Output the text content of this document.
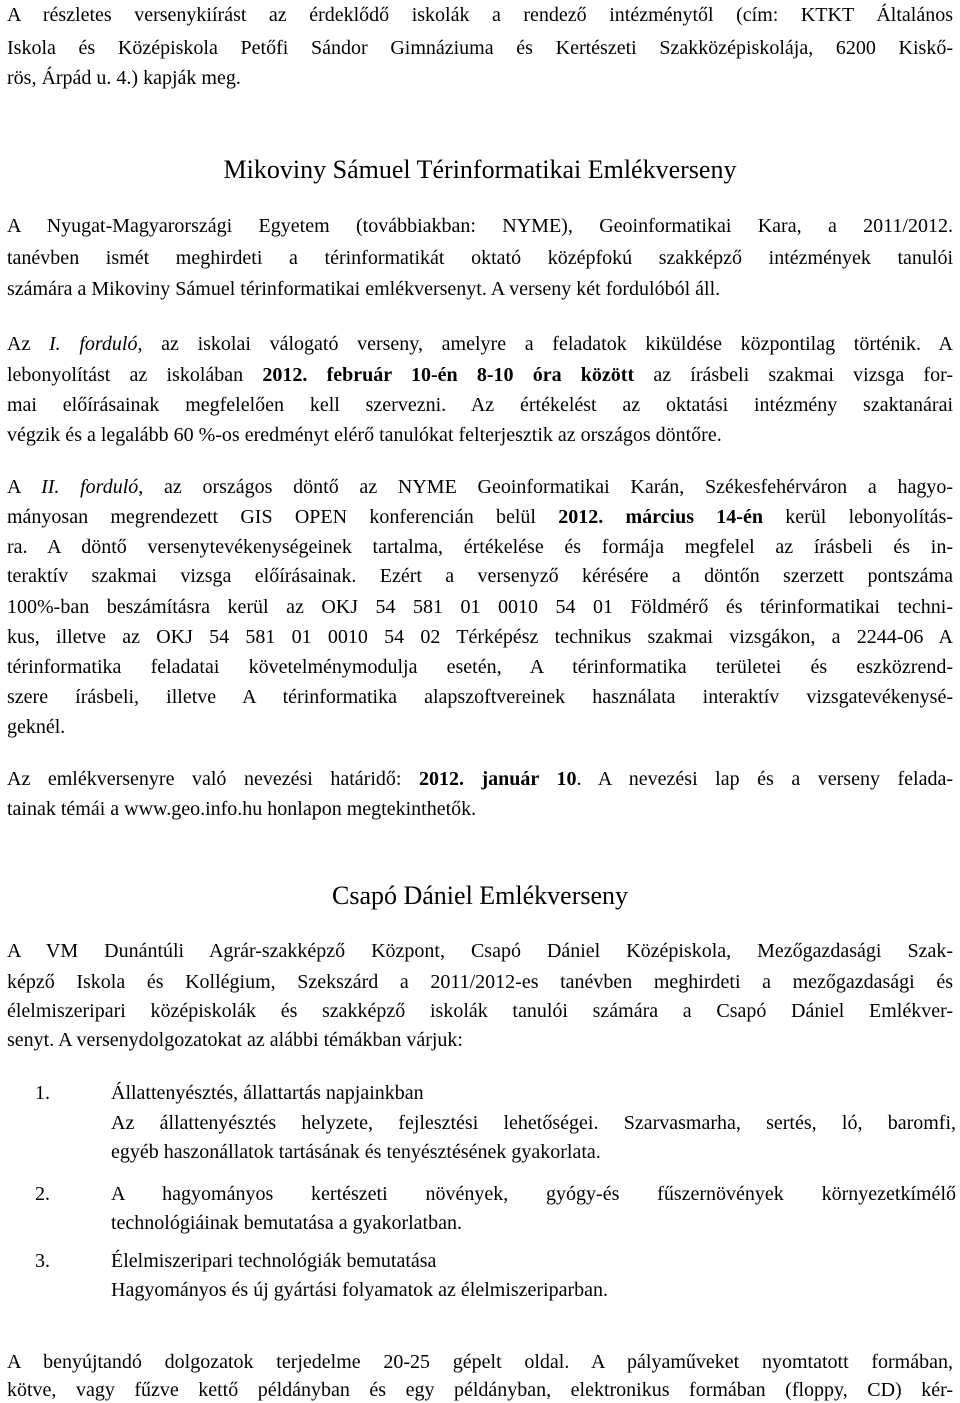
A részletes versenykiírást az érdeklődő iskolák a rendező intézménytől (cím: KTKT Általános
Iskola és Középiskola Petőfi Sándor Gimnáziuma és Kertészeti Szakközépiskolája, 6200 Kiskő-
rös, Árpád u. 4.) kapják meg.
Mikoviny Sámuel Térinformatikai Emlékverseny
A Nyugat-Magyarországi Egyetem (továbbiakban: NYME), Geoinformatikai Kara, a 2011/2012.
tanévben ismét meghirdeti a térinformatikát oktató középfokú szakképző intézmények tanulói
számára a Mikoviny Sámuel térinformatikai emlékversenyt. A verseny két fordulóból áll.
Az I. forduló, az iskolai válogató verseny, amelyre a feladatok kiküldése központilag történik. A
lebonyolítást az iskolában 2012. február 10-én 8-10 óra között az írásbeli szakmai vizsga for-
mai előírásainak megfelelően kell szervezni. Az értékelést az oktatási intézmény szaktanárai
végzik és a legalább 60 %-os eredményt elérő tanulókat felterjesztik az országos döntőre.
A II. forduló, az országos döntő az NYME Geoinformatikai Karán, Székesfehérváron a hagyo-
mányosan megrendezett GIS OPEN konferencián belül 2012. március 14-én kerül lebonyolítás-
ra. A döntő versenytevékenységeinek tartalma, értékelése és formája megfelel az írásbeli és in-
teraktív szakmai vizsga előírásainak. Ezért a versenyző kérésére a döntőn szerzett pontszáma
100%-ban beszámításra kerül az OKJ 54 581 01 0010 54 01 Földmérő és térinformatikai techni-
kus, illetve az OKJ 54 581 01 0010 54 02 Térképész technikus szakmai vizsgákon, a 2244-06 A
térinformatika feladatai követelménymodulja esetén, A térinformatika területei és eszközrend-
szere írásbeli, illetve A térinformatika alapszoftvereinek használata interaktív vizsgatevékenysé-
geknél.
Az emlékversenyre való nevezési határidő: 2012. január 10. A nevezési lap és a verseny felada-
tainak témái a www.geo.info.hu honlapon megtekinthetők.
Csapó Dániel Emlékverseny
A VM Dunántúli Agrár-szakképző Központ, Csapó Dániel Középiskola, Mezőgazdasági Szak-
képző Iskola és Kollégium, Szekszárd a 2011/2012-es tanévben meghirdeti a mezőgazdasági és
élelmiszeripari középiskolák és szakképző iskolák tanulói számára a Csapó Dániel Emlékver-
senyt. A versenydolgozatokat az alábbi témákban várjuk:
1.	Állattenyésztés, állattartás napjainkban
Az állattenyésztés helyzete, fejlesztési lehetőségei. Szarvasmarha, sertés, ló, baromfi,
egyéb haszonállatok tartásának és tenyésztésének gyakorlata.
2.	A hagyományos kertészeti növények, gyógy-és fűszernövények környezetkímélő
technológiáinak bemutatása a gyakorlatban.
3.	Élelmiszeripari technológiák bemutatása
Hagyományos és új gyártási folyamatok az élelmiszeriparban.
A benyújtandó dolgozatok terjedelme 20-25 gépelt oldal. A pályaműveket nyomtatott formában,
kötve, vagy fűzve kettő példányban és egy példányban, elektronikus formában (floppy, CD) kér-
